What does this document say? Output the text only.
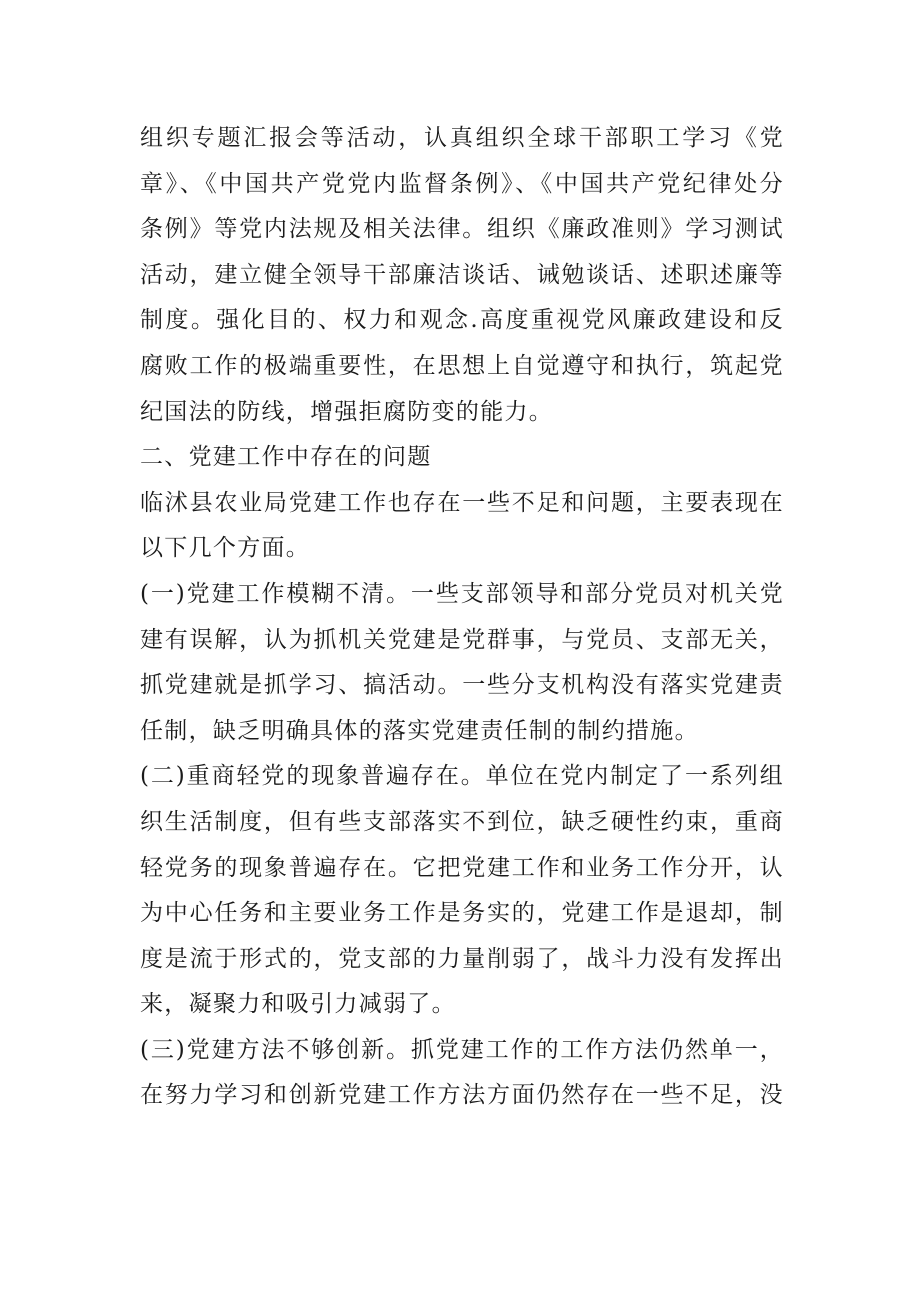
组织专题汇报会等活动，认真组织全球干部职工学习《党
章》、《中国共产党党内监督条例》、《中国共产党纪律处分
条例》等党内法规及相关法律。组织《廉政准则》学习测试
活动，建立健全领导干部廉洁谈话、诫勉谈话、述职述廉等
制度。强化目的、权力和观念.高度重视党风廉政建设和反
腐败工作的极端重要性，在思想上自觉遵守和执行，筑起党
纪国法的防线，增强拒腐防变的能力。
二、党建工作中存在的问题
临沭县农业局党建工作也存在一些不足和问题，主要表现在
以下几个方面。
(一)党建工作模糊不清。一些支部领导和部分党员对机关党
建有误解，认为抓机关党建是党群事，与党员、支部无关，
抓党建就是抓学习、搞活动。一些分支机构没有落实党建责
任制，缺乏明确具体的落实党建责任制的制约措施。
(二)重商轻党的现象普遍存在。单位在党内制定了一系列组
织生活制度，但有些支部落实不到位，缺乏硬性约束，重商
轻党务的现象普遍存在。它把党建工作和业务工作分开，认
为中心任务和主要业务工作是务实的，党建工作是退却，制
度是流于形式的，党支部的力量削弱了，战斗力没有发挥出
来，凝聚力和吸引力减弱了。
(三)党建方法不够创新。抓党建工作的工作方法仍然单一，
在努力学习和创新党建工作方法方面仍然存在一些不足，没
